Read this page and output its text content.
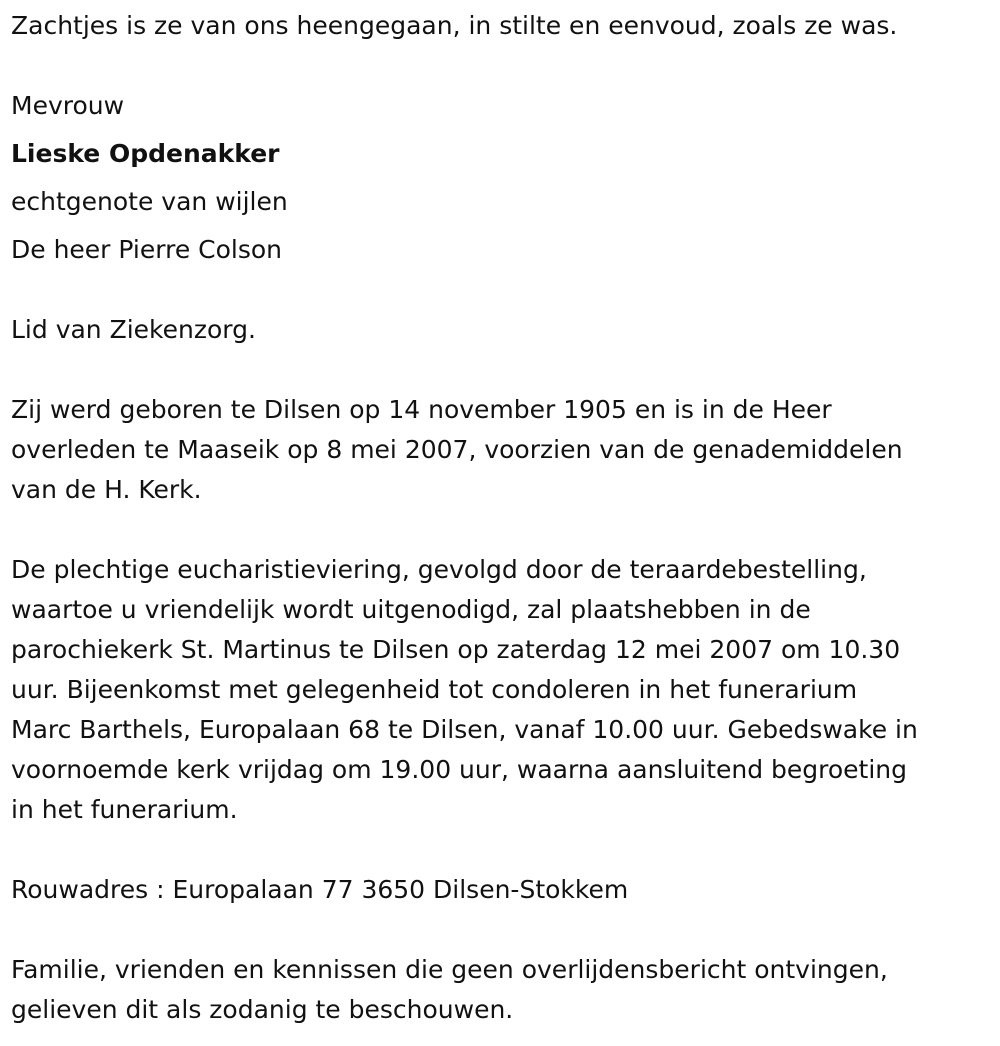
Zachtjes is ze van ons heengegaan, in stilte en eenvoud, zoals ze was.
Mevrouw
Lieske Opdenakker
echtgenote van wijlen
De heer Pierre Colson
Lid van Ziekenzorg.
Zij werd geboren te Dilsen op 14 november 1905 en is in de Heer
overleden te Maaseik op 8 mei 2007, voorzien van de genademiddelen
van de H. Kerk.
De plechtige eucharistieviering, gevolgd door de teraardebestelling,
waartoe u vriendelijk wordt uitgenodigd, zal plaatshebben in de
parochiekerk St. Martinus te Dilsen op zaterdag 12 mei 2007 om 10.30
uur. Bijeenkomst met gelegenheid tot condoleren in het funerarium
Marc Barthels, Europalaan 68 te Dilsen, vanaf 10.00 uur. Gebedswake in
voornoemde kerk vrijdag om 19.00 uur, waarna aansluitend begroeting
in het funerarium.
Rouwadres : Europalaan 77 3650 Dilsen-Stokkem
Familie, vrienden en kennissen die geen overlijdensbericht ontvingen,
gelieven dit als zodanig te beschouwen.
